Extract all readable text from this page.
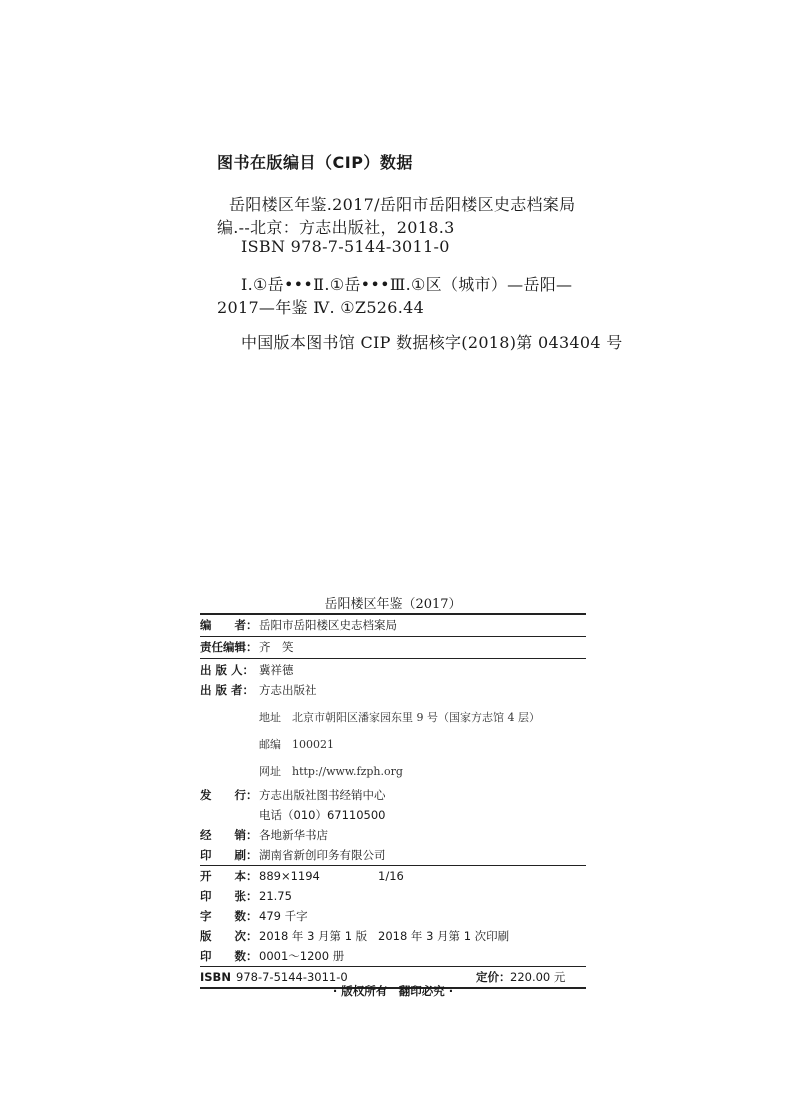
图书在版编目（CIP）数据
岳阳楼区年鉴.2017/岳阳市岳阳楼区史志档案局
编.--北京：方志出版社，2018.3
ISBN 978-7-5144-3011-0
Ⅰ.①岳•••Ⅱ.①岳•••Ⅲ.①区（城市）—岳阳—
2017—年鉴 Ⅳ. ①Z526.44
中国版本图书馆 CIP 数据核字(2018)第 043404 号
岳阳楼区年鉴（2017）
编　　者： 岳阳市岳阳楼区史志档案局
责任编辑： 齐　笑
出 版 人： 冀祥德
出 版 者： 方志出版社
地址　北京市朝阳区潘家园东里 9 号（国家方志馆 4 层）
邮编　100021
网址　http://www.fzph.org
发　　行： 方志出版社图书经销中心
电话（010）67110500
经　　销： 各地新华书店
印　　刷： 湖南省新创印务有限公司
开　　本： 889×1194	1/16
印　　张： 21.75
字　　数： 479 千字
版　　次： 2018 年 3 月第 1 版 2018 年 3 月第 1 次印刷
印　　数： 0001～1200 册
ISBN 978-7-5144-3011-0	定价： 220.00 元
· 版权所有　翻印必究 ·
